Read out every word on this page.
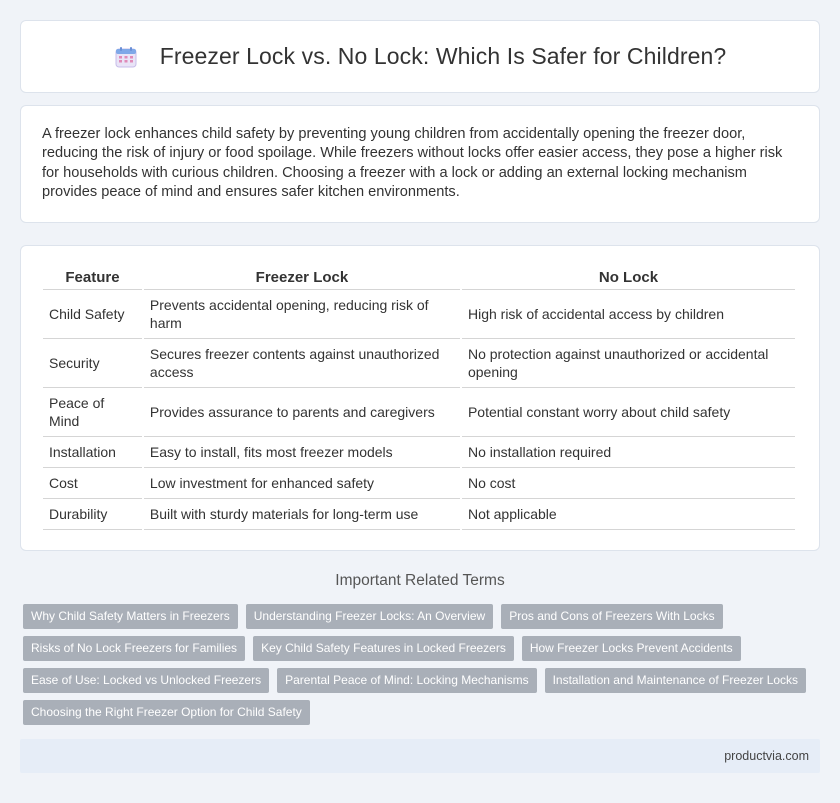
Freezer Lock vs. No Lock: Which Is Safer for Children?

A freezer lock enhances child safety by preventing young children from accidentally opening the freezer door, reducing the risk of injury or food spoilage. While freezers without locks offer easier access, they pose a higher risk for households with curious children. Choosing a freezer with a lock or adding an external locking mechanism provides peace of mind and ensures safer kitchen environments.

Feature	Freezer Lock	No Lock
Child Safety	Prevents accidental opening, reducing risk of harm	High risk of accidental access by children
Security	Secures freezer contents against unauthorized access	No protection against unauthorized or accidental opening
Peace of Mind	Provides assurance to parents and caregivers	Potential constant worry about child safety
Installation	Easy to install, fits most freezer models	No installation required
Cost	Low investment for enhanced safety	No cost
Durability	Built with sturdy materials for long-term use	Not applicable
Important Related Terms
Why Child Safety Matters in Freezers	Understanding Freezer Locks: An Overview	Pros and Cons of Freezers With Locks
Risks of No Lock Freezers for Families	Key Child Safety Features in Locked Freezers	How Freezer Locks Prevent Accidents
Ease of Use: Locked vs Unlocked Freezers	Parental Peace of Mind: Locking Mechanisms	Installation and Maintenance of Freezer Locks
Choosing the Right Freezer Option for Child Safety
productvia.com
